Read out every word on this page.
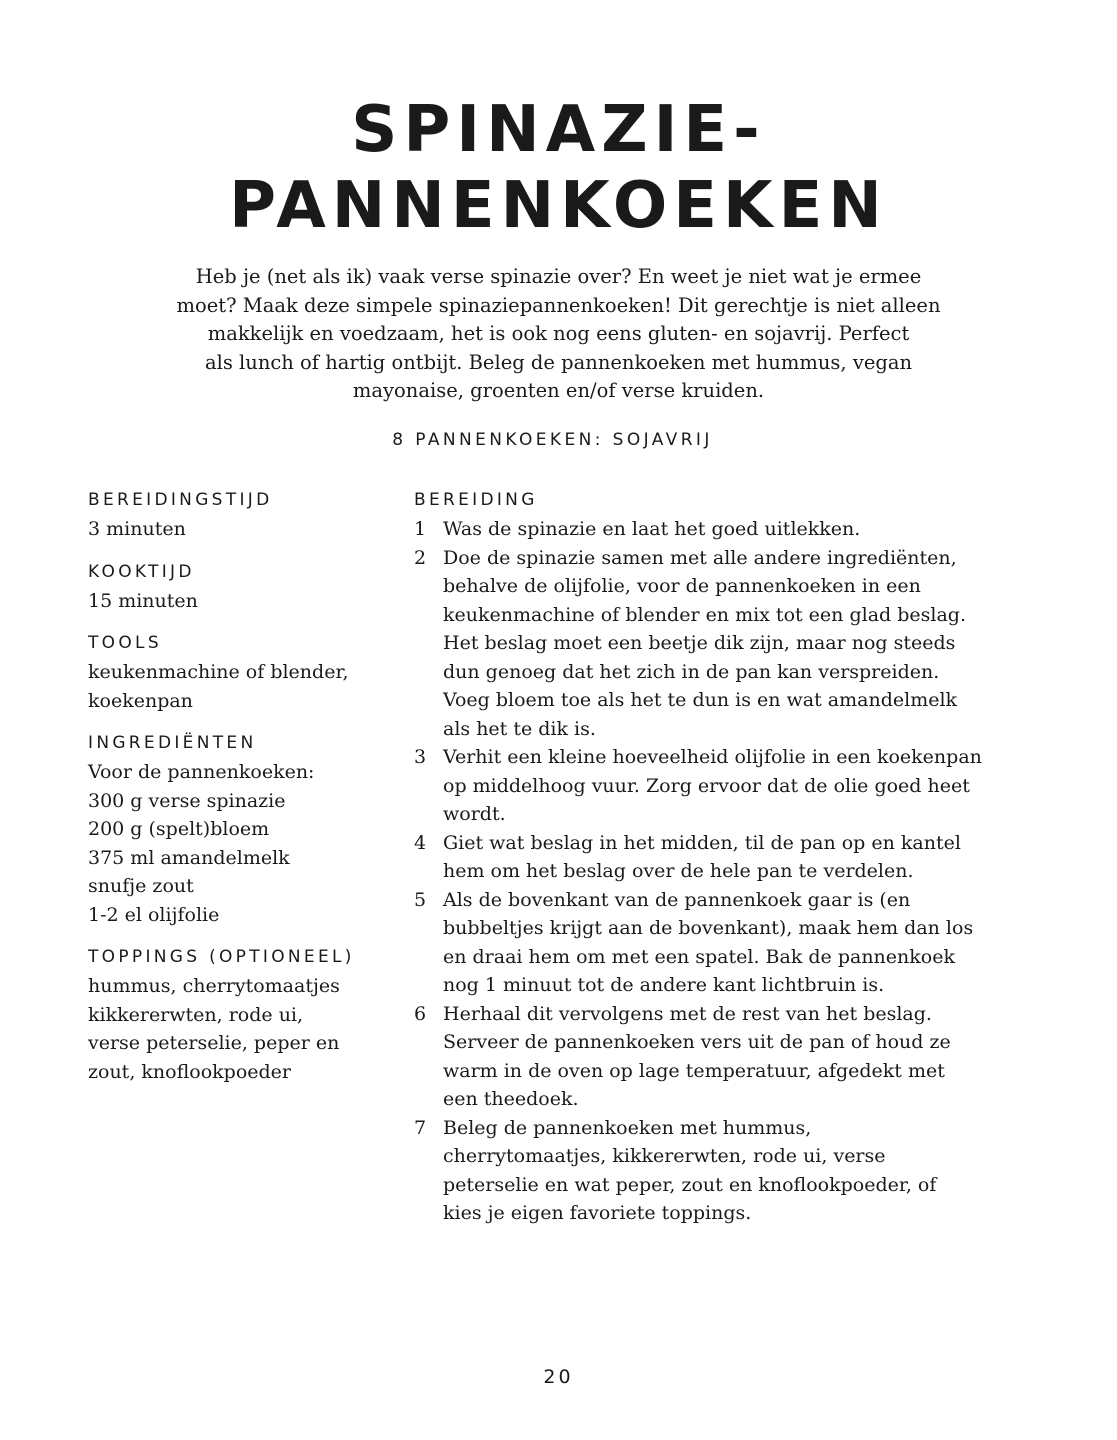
SPINAZIE-
PANNENKOEKEN
Heb je (net als ik) vaak verse spinazie over? En weet je niet wat je ermee
moet? Maak deze simpele spinaziepannenkoeken! Dit gerechtje is niet alleen
makkelijk en voedzaam, het is ook nog eens gluten- en sojavrij. Perfect
als lunch of hartig ontbijt. Beleg de pannenkoeken met hummus, vegan
mayonaise, groenten en/of verse kruiden.
8 PANNENKOEKEN: SOJAVRIJ
BEREIDINGSTIJD
3 minuten
KOOKTIJD
15 minuten
TOOLS
keukenmachine of blender,
koekenpan
INGREDIËNTEN
Voor de pannenkoeken:
300 g verse spinazie
200 g (spelt)bloem
375 ml amandelmelk
snufje zout
1-2 el olijfolie
TOPPINGS (OPTIONEEL)
hummus, cherrytomaatjes
kikkererwten, rode ui,
verse peterselie, peper en
zout, knoflookpoeder
BEREIDING
1 Was de spinazie en laat het goed uitlekken.
2 Doe de spinazie samen met alle andere ingrediënten,
behalve de olijfolie, voor de pannenkoeken in een
keukenmachine of blender en mix tot een glad beslag.
Het beslag moet een beetje dik zijn, maar nog steeds
dun genoeg dat het zich in de pan kan verspreiden.
Voeg bloem toe als het te dun is en wat amandelmelk
als het te dik is.
3 Verhit een kleine hoeveelheid olijfolie in een koekenpan
op middelhoog vuur. Zorg ervoor dat de olie goed heet
wordt.
4 Giet wat beslag in het midden, til de pan op en kantel
hem om het beslag over de hele pan te verdelen.
5 Als de bovenkant van de pannenkoek gaar is (en
bubbeltjes krijgt aan de bovenkant), maak hem dan los
en draai hem om met een spatel. Bak de pannenkoek
nog 1 minuut tot de andere kant lichtbruin is.
6 Herhaal dit vervolgens met de rest van het beslag.
Serveer de pannenkoeken vers uit de pan of houd ze
warm in de oven op lage temperatuur, afgedekt met
een theedoek.
7 Beleg de pannenkoeken met hummus,
cherrytomaatjes, kikkererwten, rode ui, verse
peterselie en wat peper, zout en knoflookpoeder, of
kies je eigen favoriete toppings.
20
